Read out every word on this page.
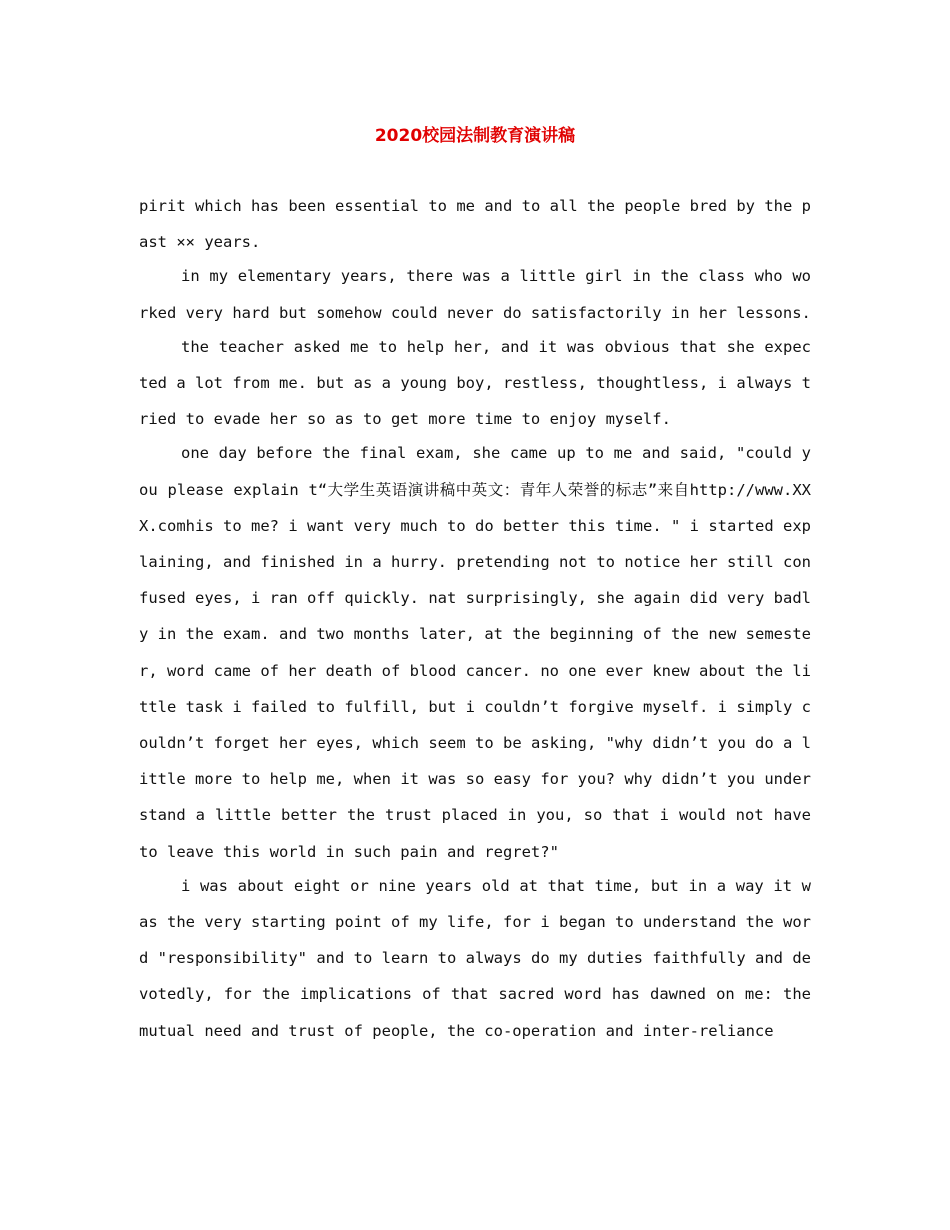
2020校园法制教育演讲稿

pirit which has been essential to me and to all the people bred by the past ×× years.

in my elementary years, there was a little girl in the class who worked very hard but somehow could never do satisfactorily in her lessons.

the teacher asked me to help her, and it was obvious that she expected a lot from me. but as a young boy, restless, thoughtless, i always tried to evade her so as to get more time to enjoy myself.

one day before the final exam, she came up to me and said, "could you please explain t“大学生英语演讲稿中英文：青年人荣誉的标志”来自http://www.XXX.comhis to me? i want very much to do better this time. " i started explaining, and finished in a hurry. pretending not to notice her still confused eyes, i ran off quickly. nat surprisingly, she again did very badly in the exam. and two months later, at the beginning of the new semester, word came of her death of blood cancer. no one ever knew about the little task i failed to fulfill, but i couldn’t forgive myself. i simply couldn’t forget her eyes, which seem to be asking, "why didn’t you do a little more to help me, when it was so easy for you? why didn’t you understand a little better the trust placed in you, so that i would not have to leave this world in such pain and regret?"

i was about eight or nine years old at that time, but in a way it was the very starting point of my life, for i began to understand the word "responsibility" and to learn to always do my duties faithfully and devotedly, for the implications of that sacred word has dawned on me: the mutual need and trust of people, the co-operation and inter-reliance
